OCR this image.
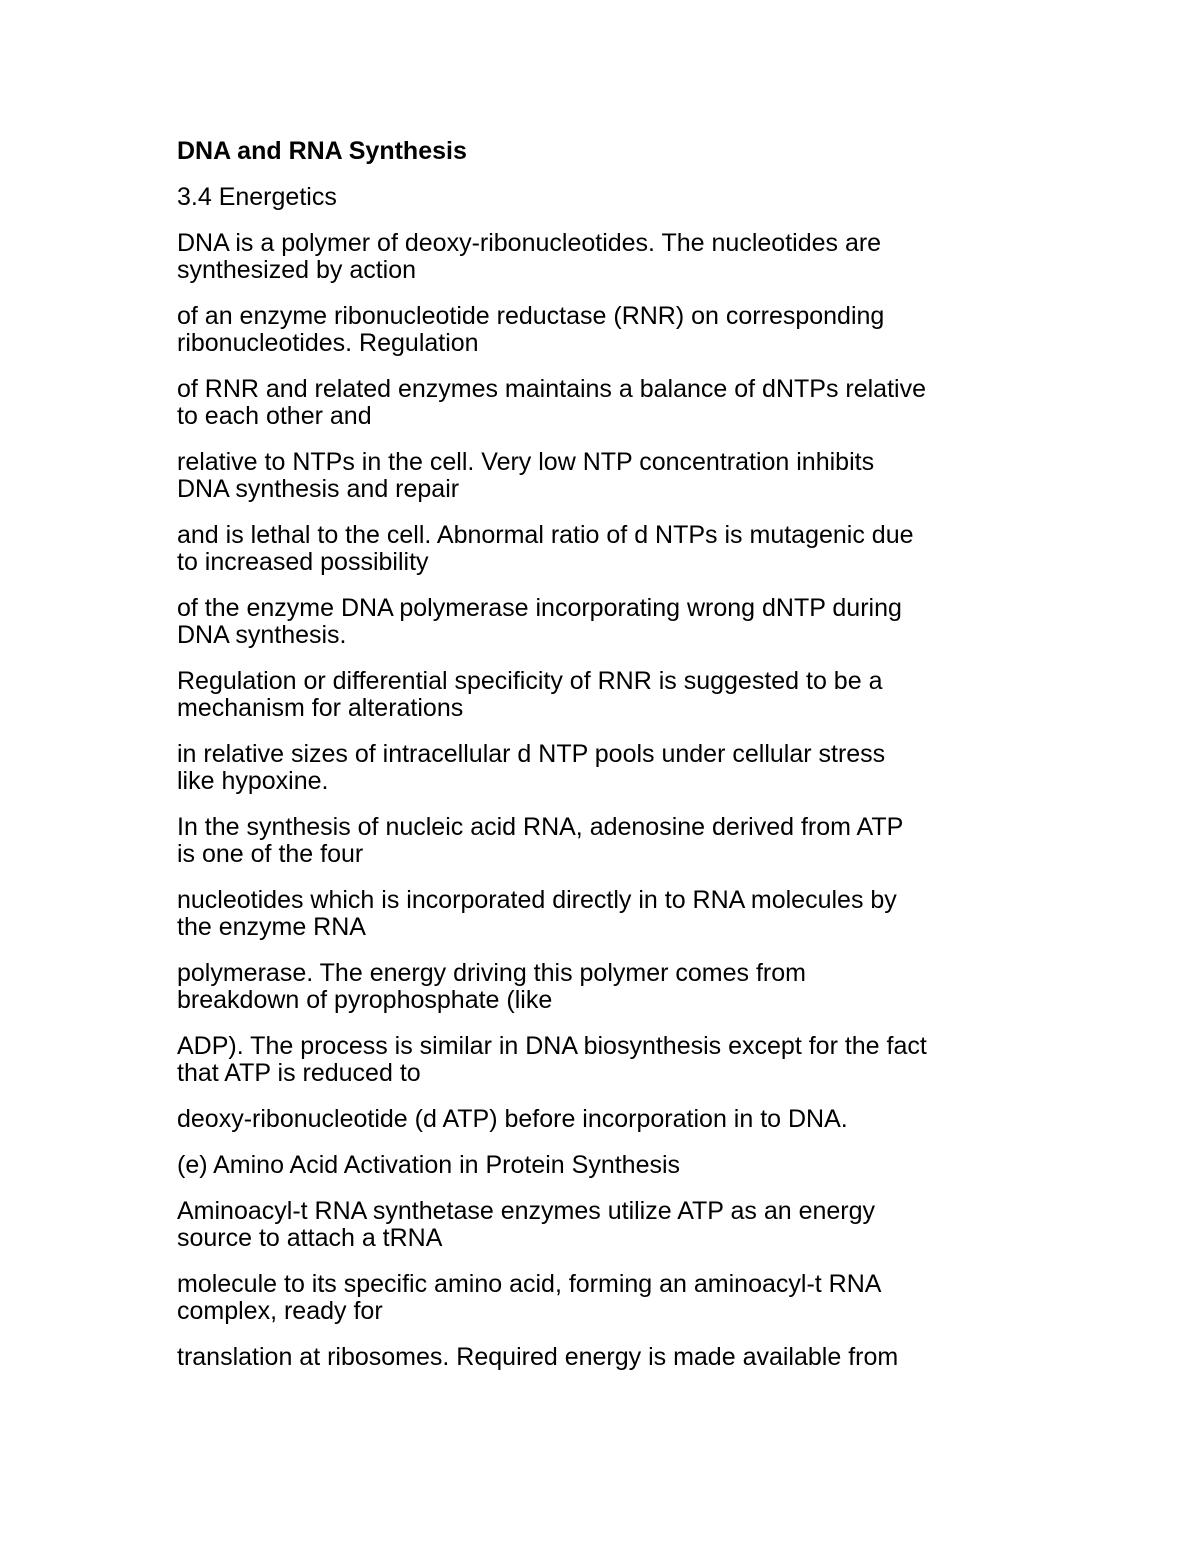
DNA and RNA Synthesis
3.4 Energetics
DNA is a polymer of deoxy-ribonucleotides. The nucleotides are
synthesized by action
of an enzyme ribonucleotide reductase (RNR) on corresponding
ribonucleotides. Regulation
of RNR and related enzymes maintains a balance of dNTPs relative
to each other and
relative to NTPs in the cell. Very low NTP concentration inhibits
DNA synthesis and repair
and is lethal to the cell. Abnormal ratio of d NTPs is mutagenic due
to increased possibility
of the enzyme DNA polymerase incorporating wrong dNTP during
DNA synthesis.
Regulation or differential specificity of RNR is suggested to be a
mechanism for alterations
in relative sizes of intracellular d NTP pools under cellular stress
like hypoxine.
In the synthesis of nucleic acid RNA, adenosine derived from ATP
is one of the four
nucleotides which is incorporated directly in to RNA molecules by
the enzyme RNA
polymerase. The energy driving this polymer comes from
breakdown of pyrophosphate (like
ADP). The process is similar in DNA biosynthesis except for the fact
that ATP is reduced to
deoxy-ribonucleotide (d ATP) before incorporation in to DNA.
(e) Amino Acid Activation in Protein Synthesis
Aminoacyl-t RNA synthetase enzymes utilize ATP as an energy
source to attach a tRNA
molecule to its specific amino acid, forming an aminoacyl-t RNA
complex, ready for
translation at ribosomes. Required energy is made available from
